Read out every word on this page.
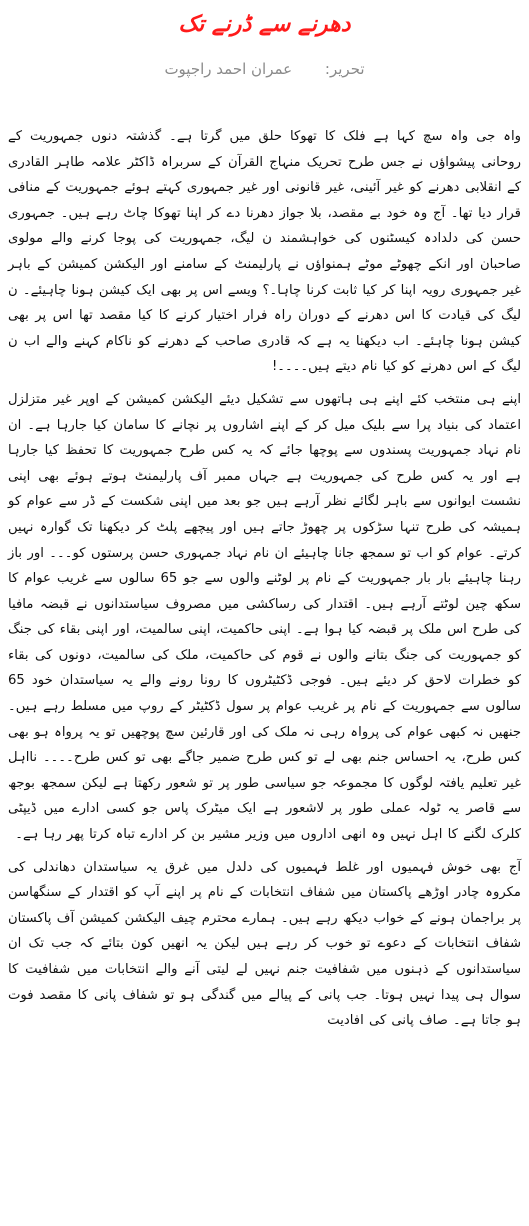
دھرنے سے ڈرنے تک
تحریر: عمران احمد راجپوت

واہ جی واہ سچ کہا ہے فلک کا تھوکا حلق میں گرتا ہے۔ گذشتہ دنوں جمہوریت کے روحانی پیشواؤں نے جس طرح تحریک منہاج القرآن کے سربراہ ڈاکٹر علامہ طاہر القادری کے انقلابی دھرنے کو غیر آئینی، غیر قانونی اور غیر جمہوری کہتے ہوئے جمہوریت کے منافی قرار دیا تھا۔ آج وہ خود بے مقصد، بلا جواز دھرنا دے کر اپنا تھوکا چاٹ رہے ہیں۔ جمہوری حسن کی دلدادہ کیسٹنوں کی خواہشمند ن لیگ، جمہوریت کی پوجا کرنے والے مولوی صاحبان اور انکے چھوٹے موٹے ہمنواؤں نے پارلیمنٹ کے سامنے اور الیکشن کمیشن کے باہر غیر جمہوری رویہ اپنا کر کیا ثابت کرنا چاہا۔؟ ویسے اس پر بھی ایک کیشن ہونا چاہیئے۔ ن لیگ کی قیادت کا اس دھرنے کے دوران راہ فرار اختیار کرنے کا کیا مقصد تھا اس پر بھی کیشن ہونا چاہئے۔ اب دیکھنا یہ ہے کہ قادری صاحب کے دھرنے کو ناکام کہنے والے اب ن لیگ کے اس دھرنے کو کیا نام دیتے ہیں۔۔۔۔!

اپنے ہی منتخب کئے اپنے ہی ہاتھوں سے تشکیل دیئے الیکشن کمیشن کے اوپر غیر متزلزل اعتماد کی بنیاد پرا سے بلیک میل کر کے اپنے اشاروں پر نچانے کا سامان کیا جارہا ہے۔ ان نام نہاد جمہوریت پسندوں سے پوچھا جائے کہ یہ کس طرح جمہوریت کا تحفظ کیا جارہا ہے اور یہ کس طرح کی جمہوریت ہے جہاں ممبر آف پارلیمنٹ ہوتے ہوئے بھی اپنی نشست ایوانوں سے باہر لگائے نظر آرہے ہیں جو بعد میں اپنی شکست کے ڈر سے عوام کو ہمیشہ کی طرح تنہا سڑکوں پر چھوڑ جاتے ہیں اور پیچھے پلٹ کر دیکھنا تک گوارہ نہیں کرتے۔ عوام کو اب تو سمجھ جانا چاہیئے ان نام نہاد جمہوری حسن پرستوں کو۔۔۔ اور باز رہنا چاہیئے بار بار جمہوریت کے نام پر لوٹنے والوں سے جو 65 سالوں سے غریب عوام کا سکھ چین لوٹتے آرہے ہیں۔ اقتدار کی رساکشی میں مصروف سیاستدانوں نے قبضہ مافیا کی طرح اس ملک پر قبضہ کیا ہوا ہے۔ اپنی حاکمیت، اپنی سالمیت، اور اپنی بقاء کی جنگ کو جمہوریت کی جنگ بتانے والوں نے قوم کی حاکمیت، ملک کی سالمیت، دونوں کی بقاء کو خطرات لاحق کر دیئے ہیں۔ فوجی ڈکٹیٹروں کا رونا رونے والے یہ سیاستدان خود 65 سالوں سے جمہوریت کے نام پر غریب عوام پر سول ڈکٹیٹر کے روپ میں مسلط رہے ہیں۔ جنھیں نہ کبھی عوام کی پرواہ رہی نہ ملک کی اور قارئین سچ پوچھیں تو یہ پرواہ ہو بھی کس طرح، یہ احساس جنم بھی لے تو کس طرح ضمیر جاگے بھی تو کس طرح۔۔۔۔ نااہل غیر تعلیم یافتہ لوگوں کا مجموعہ جو سیاسی طور پر تو شعور رکھتا ہے لیکن سمجھ بوجھ سے قاصر یہ ٹولہ عملی طور پر لاشعور ہے ایک میٹرک پاس جو کسی ادارے میں ڈیپٹی کلرک لگنے کا اہل نہیں وہ انھی اداروں میں وزیر مشیر بن کر ادارے تباہ کرتا پھر رہا ہے۔

آج بھی خوش فہمیوں اور غلط فہمیوں کی دلدل میں غرق یہ سیاستدان دھاندلی کی مکروہ چادر اوڑھے پاکستان میں شفاف انتخابات کے نام پر اپنے آپ کو اقتدار کے سنگھاسن پر براجمان ہونے کے خواب دیکھ رہے ہیں۔ ہمارے محترم چیف الیکشن کمیشن آف پاکستان شفاف انتخابات کے دعوے تو خوب کر رہے ہیں لیکن یہ انھیں کون بتائے کہ جب تک ان سیاستدانوں کے ذہنوں میں شفافیت جنم نہیں لے لیتی آنے والے انتخابات میں شفافیت کا سوال ہی پیدا نہیں ہوتا۔ جب پانی کے پیالے میں گندگی ہو تو شفاف پانی کا مقصد فوت ہو جاتا ہے۔ صاف پانی کی افادیت
